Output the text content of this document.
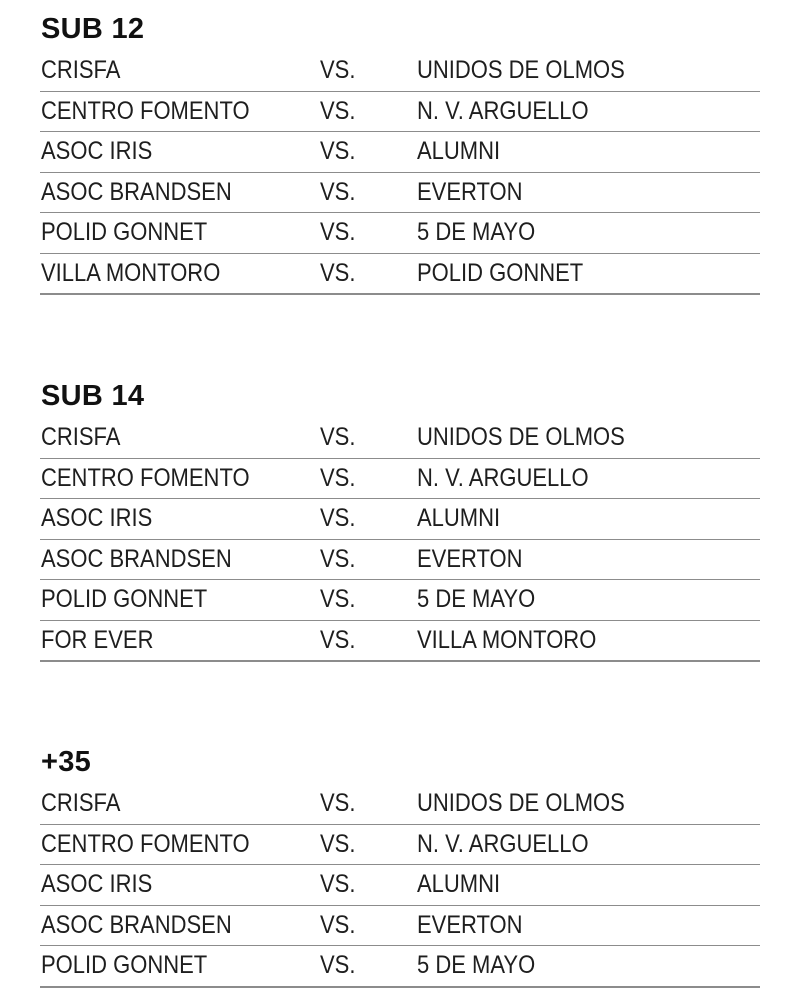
SUB 12
CRISFA	VS. UNIDOS DE OLMOS
CENTRO FOMENTO	VS. N. V. ARGUELLO
ASOC IRIS	VS. ALUMNI
ASOC BRANDSEN	VS. EVERTON
POLID GONNET	VS. 5 DE MAYO
VILLA MONTORO	VS. POLID GONNET
SUB 14
CRISFA	VS. UNIDOS DE OLMOS
CENTRO FOMENTO	VS. N. V. ARGUELLO
ASOC IRIS	VS. ALUMNI
ASOC BRANDSEN	VS. EVERTON
POLID GONNET	VS. 5 DE MAYO
FOR EVER	VS. VILLA MONTORO
+35
CRISFA	VS. UNIDOS DE OLMOS
CENTRO FOMENTO	VS. N. V. ARGUELLO
ASOC IRIS	VS. ALUMNI
ASOC BRANDSEN	VS. EVERTON
POLID GONNET	VS. 5 DE MAYO
